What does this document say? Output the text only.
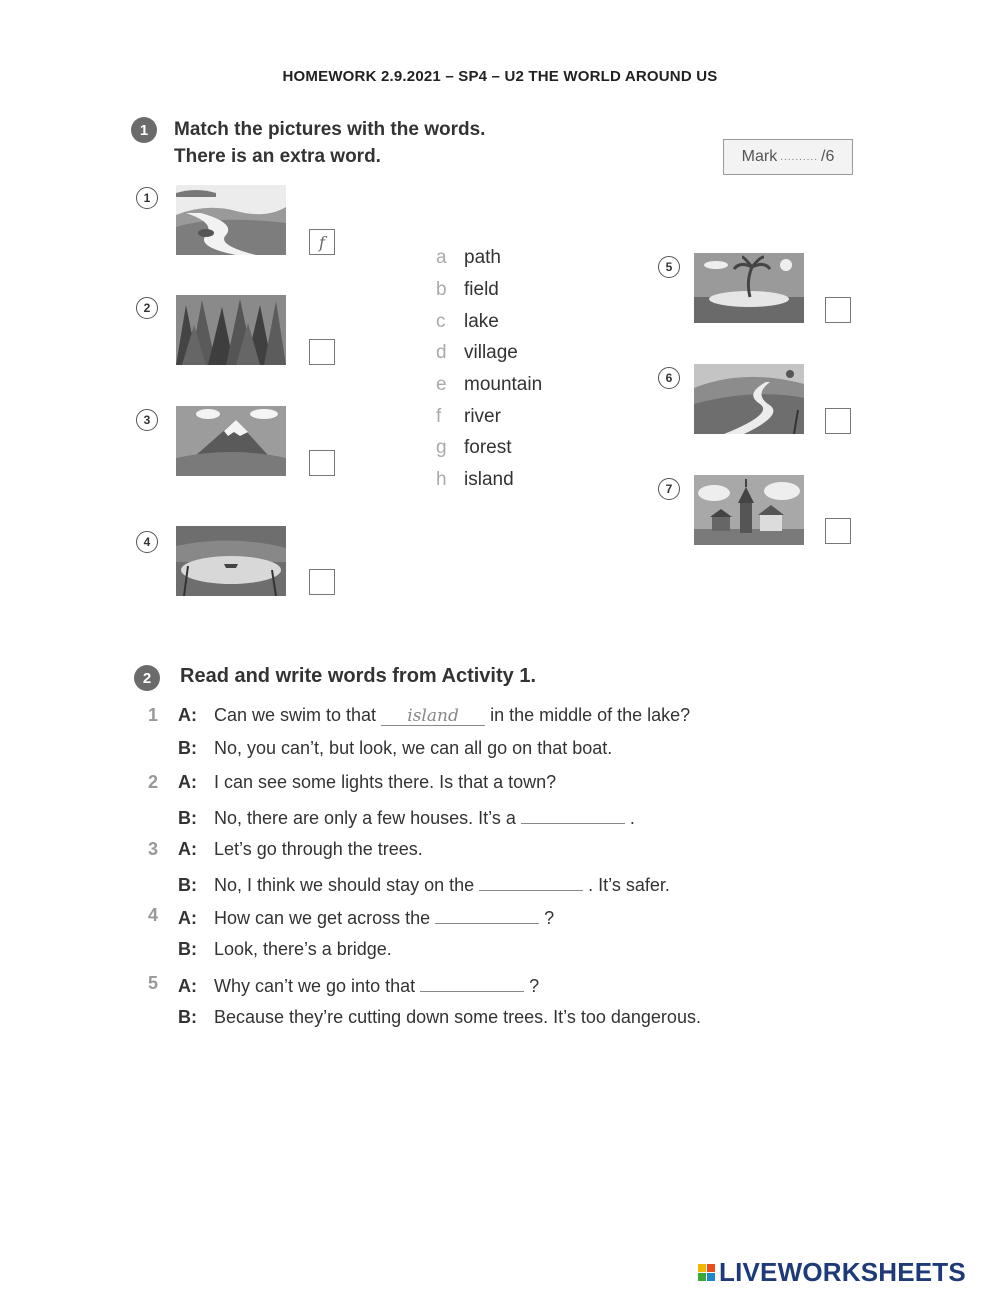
HOMEWORK 2.9.2021 – SP4 – U2 THE WORLD AROUND US
1	Match the pictures with the words.
There is an extra word.	Mark .......... /6
1
f
2
3
4
a path
b field
c lake
d village
e mountain
f river
g forest
h island
5
6
7
2	Read and write words from Activity 1.
1 A: Can we swim to that island in the middle of the lake?
B: No, you can’t, but look, we can all go on that boat.
2 A: I can see some lights there. Is that a town?
B: No, there are only a few houses. It’s a	.
3 A: Let’s go through the trees.
B: No, I think we should stay on the	. It’s safer.
4 A: How can we get across the	?
B: Look, there’s a bridge.
5 A: Why can’t we go into that	?
B: Because they’re cutting down some trees. It’s too dangerous.
LIVEWORKSHEETS
